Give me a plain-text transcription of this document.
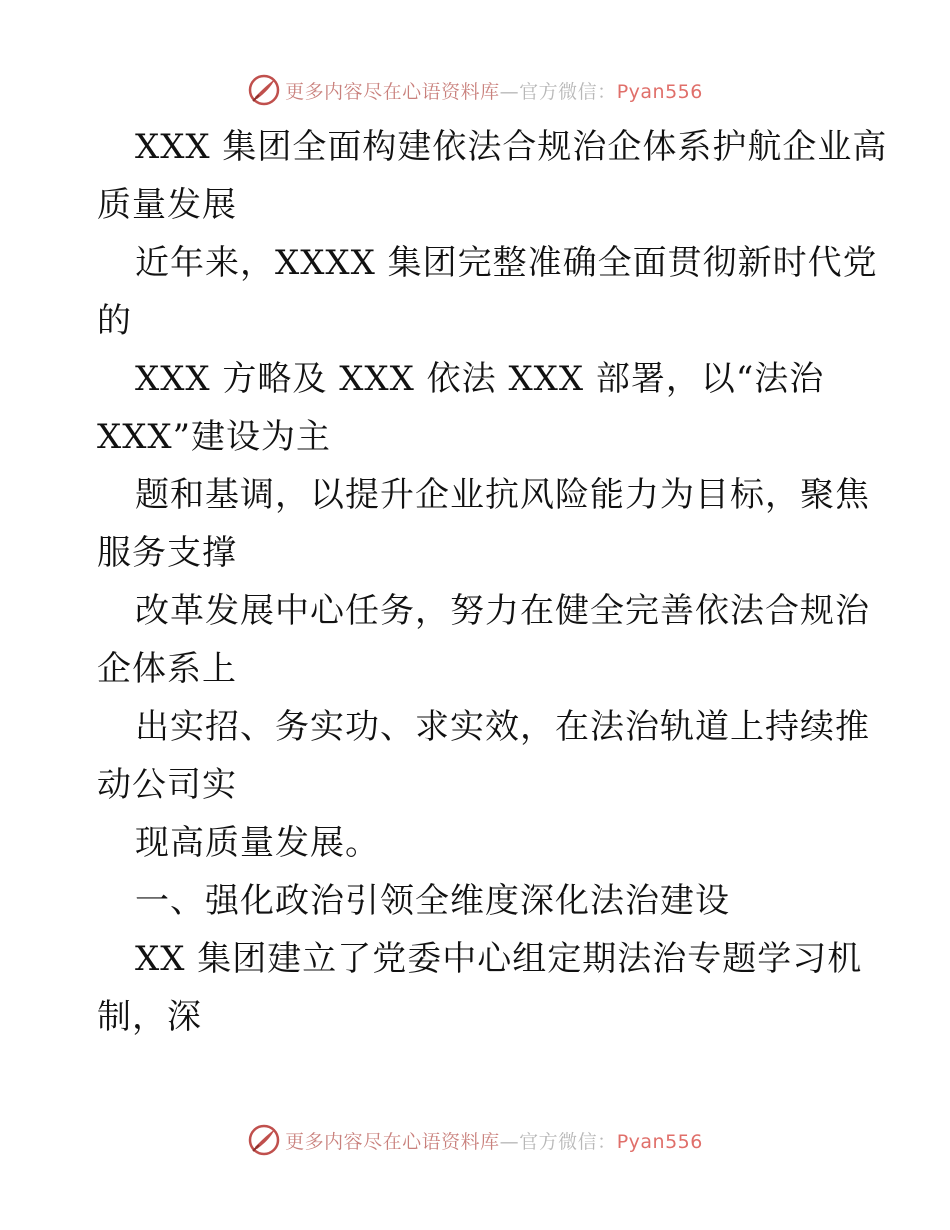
更多内容尽在心语资料库—官方微信：Pyan556
XXX 集团全面构建依法合规治企体系护航企业高
质量发展
近年来，XXXX 集团完整准确全面贯彻新时代党
的
XXX 方略及 XXX 依法 XXX 部署，以“法治
XXX”建设为主
题和基调，以提升企业抗风险能力为目标，聚焦
服务支撑
改革发展中心任务，努力在健全完善依法合规治
企体系上
出实招、务实功、求实效，在法治轨道上持续推
动公司实
现高质量发展。
一、强化政治引领全维度深化法治建设
XX 集团建立了党委中心组定期法治专题学习机
制，深
更多内容尽在心语资料库—官方微信：Pyan556
